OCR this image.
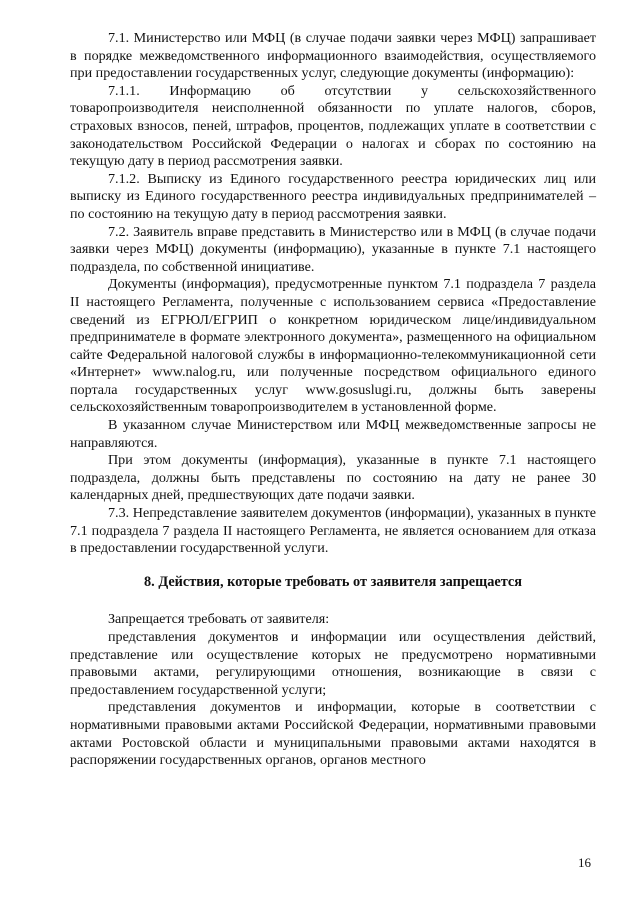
7.1. Министерство или МФЦ (в случае подачи заявки через МФЦ) запрашивает в порядке межведомственного информационного взаимодействия, осуществляемого при предоставлении государственных услуг, следующие документы (информацию):

7.1.1. Информацию об отсутствии у сельскохозяйственного товаропроизводителя неисполненной обязанности по уплате налогов, сборов, страховых взносов, пеней, штрафов, процентов, подлежащих уплате в соответствии с законодательством Российской Федерации о налогах и сборах по состоянию на текущую дату в период рассмотрения заявки.

7.1.2. Выписку из Единого государственного реестра юридических лиц или выписку из Единого государственного реестра индивидуальных предпринимателей – по состоянию на текущую дату в период рассмотрения заявки.

7.2. Заявитель вправе представить в Министерство или в МФЦ (в случае подачи заявки через МФЦ) документы (информацию), указанные в пункте 7.1 настоящего подраздела, по собственной инициативе.

Документы (информация), предусмотренные пунктом 7.1 подраздела 7 раздела II настоящего Регламента, полученные с использованием сервиса «Предоставление сведений из ЕГРЮЛ/ЕГРИП о конкретном юридическом лице/индивидуальном предпринимателе в формате электронного документа», размещенного на официальном сайте Федеральной налоговой службы в информационно-телекоммуникационной сети «Интернет» www.nalog.ru, или полученные посредством официального единого портала государственных услуг www.gosuslugi.ru, должны быть заверены сельскохозяйственным товаропроизводителем в установленной форме.

В указанном случае Министерством или МФЦ межведомственные запросы не направляются.

При этом документы (информация), указанные в пункте 7.1 настоящего подраздела, должны быть представлены по состоянию на дату не ранее 30 календарных дней, предшествующих дате подачи заявки.

7.3. Непредставление заявителем документов (информации), указанных в пункте 7.1 подраздела 7 раздела II настоящего Регламента, не является основанием для отказа в предоставлении государственной услуги.

8. Действия, которые требовать от заявителя запрещается

Запрещается требовать от заявителя:

представления документов и информации или осуществления действий, представление или осуществление которых не предусмотрено нормативными правовыми актами, регулирующими отношения, возникающие в связи с предоставлением государственной услуги;

представления документов и информации, которые в соответствии с нормативными правовыми актами Российской Федерации, нормативными правовыми актами Ростовской области и муниципальными правовыми актами находятся в распоряжении государственных органов, органов местного

16
